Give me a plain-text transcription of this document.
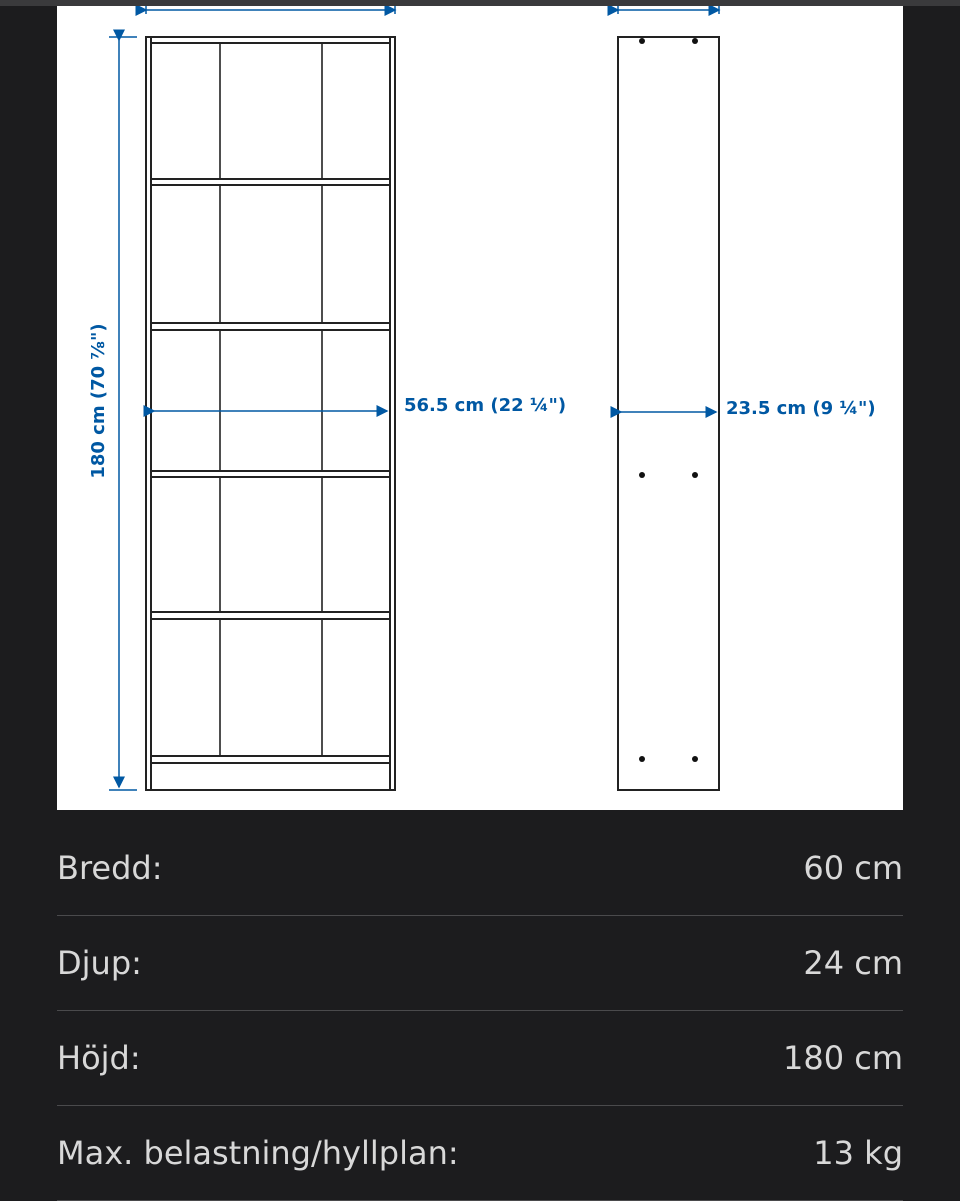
180 cm (70 ⅞")	56.5 cm (22 ¼")	23.5 cm (9 ¼")
Bredd:	60 cm
Djup:	24 cm
Höjd:	180 cm
Max. belastning/hyllplan:	13 kg
